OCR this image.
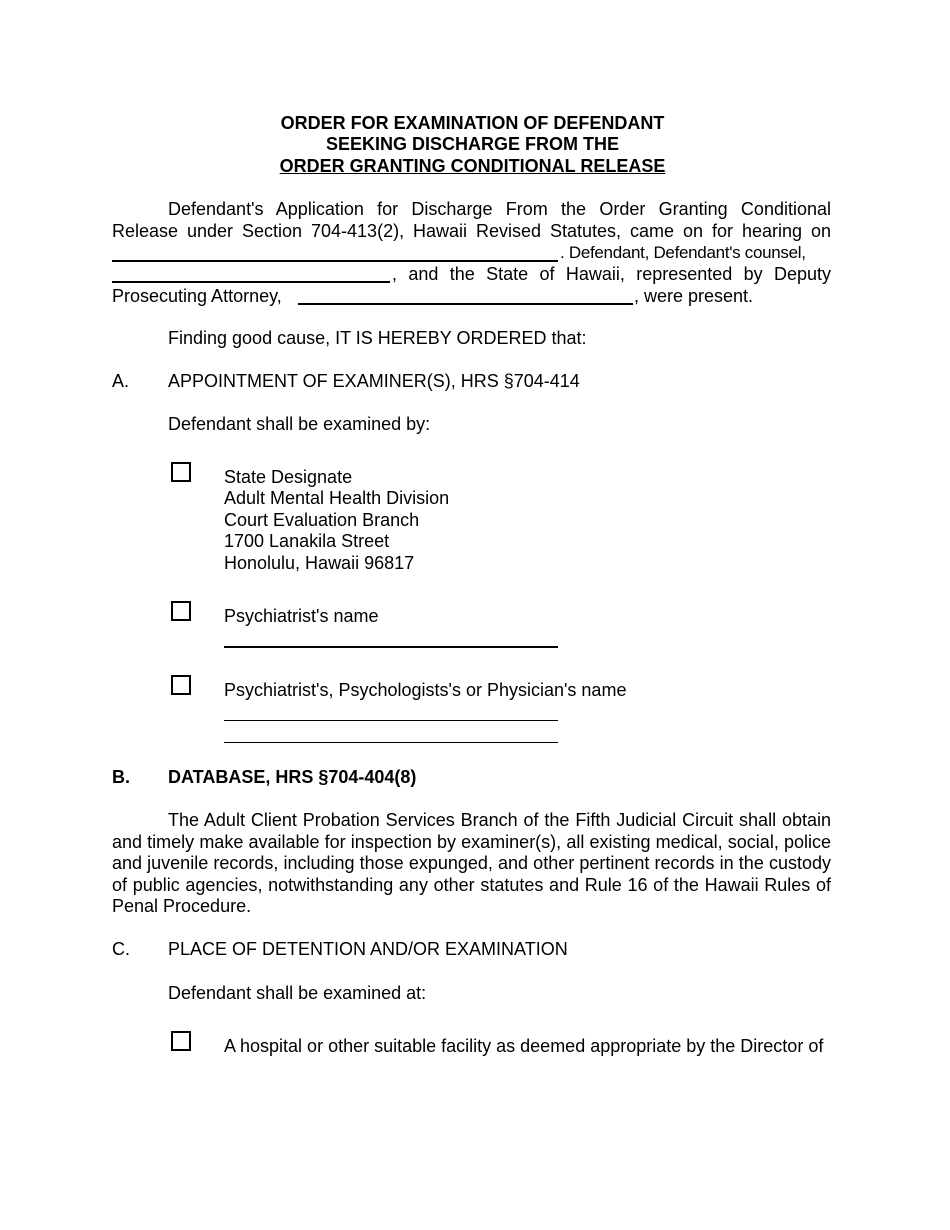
ORDER FOR EXAMINATION OF DEFENDANT
SEEKING DISCHARGE FROM THE
ORDER GRANTING CONDITIONAL RELEASE
Defendant's Application for Discharge From the Order Granting Conditional
Release under Section 704-413(2), Hawaii Revised Statutes, came on for hearing on
. Defendant, Defendant's counsel,
, and the State of Hawaii, represented by Deputy
Prosecuting Attorney,	, were present.
Finding good cause, IT IS HEREBY ORDERED that:
A. APPOINTMENT OF EXAMINER(S), HRS §704-414
Defendant shall be examined by:
State Designate
Adult Mental Health Division
Court Evaluation Branch
1700 Lanakila Street
Honolulu, Hawaii 96817
Psychiatrist's name
Psychiatrist's, Psychologists's or Physician's name
B. DATABASE, HRS §704-404(8)
The Adult Client Probation Services Branch of the Fifth Judicial Circuit shall obtain
and timely make available for inspection by examiner(s), all existing medical, social, police
and juvenile records, including those expunged, and other pertinent records in the custody
of public agencies, notwithstanding any other statutes and Rule 16 of the Hawaii Rules of
Penal Procedure.
C. PLACE OF DETENTION AND/OR EXAMINATION
Defendant shall be examined at:
A hospital or other suitable facility as deemed appropriate by the Director of
